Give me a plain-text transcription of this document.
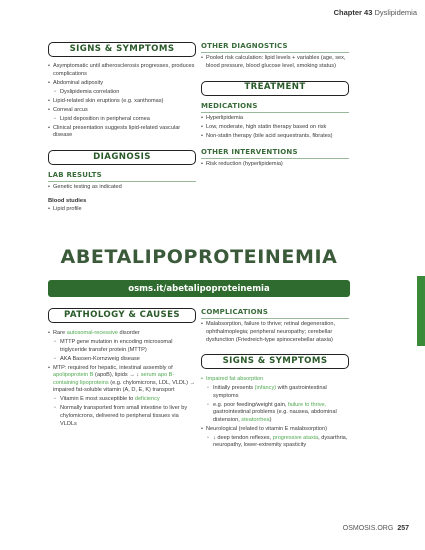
Chapter 43 Dyslipidemia
SIGNS & SYMPTOMS
• Asymptomatic until atherosclerosis progresses, produces complications
• Abdominal adiposity
◦ Dyslipidemia correlation
• Lipid-related skin eruptions (e.g. xanthomas)
• Corneal arcus
◦ Lipid deposition in peripheral cornea
• Clinical presentation suggests lipid-related vascular disease
DIAGNOSIS
LAB RESULTS
• Genetic testing as indicated
Blood studies
• Lipid profile
OTHER DIAGNOSTICS
• Pooled risk calculation: lipid levels + variables (age, sex, blood pressure, blood glucose level, smoking status)
TREATMENT
MEDICATIONS
• Hyperlipidemia
• Low, moderate, high statin therapy based on risk
• Non-statin therapy (bile acid sequestrants, fibrates)
OTHER INTERVENTIONS
• Risk reduction (hyperlipidemia)
ABETALIPOPROTEINEMIA
osms.it/abetalipoproteinemia
PATHOLOGY & CAUSES
• Rare autosomal-recessive disorder
◦ MTTP gene mutation in encoding microsomal triglyceride transfer protein (MTTP)
◦ AKA Bassen-Kornzweig disease
• MTP: required for hepatic, intestinal assembly of apolipoprotein B (apoB), lipids → ↓ serum apo B-containing lipoproteins (e.g. chylomicrons, LDL, VLDL) → impaired fat-soluble vitamin (A, D, E, K) transport
◦ Vitamin E most susceptible to deficiency
◦ Normally transported from small intestine to liver by chylomicrons, delivered to peripheral tissues via VLDLs
COMPLICATIONS
• Malabsorption, failure to thrive; retinal degeneration, ophthalmoplegia; peripheral neuropathy; cerebellar dysfunction (Friedreich-type spinocerebellar ataxia)
SIGNS & SYMPTOMS
• Impaired fat absorption
◦ Initially presents (infancy) with gastrointestinal symptoms
◦ e.g. poor feeding/weight gain, failure to thrive, gastrointestinal problems (e.g. nausea, abdominal distension, steatorrhea)
• Neurological (related to vitamin E malabsorption)
◦ ↓ deep tendon reflexes, progressive ataxia, dysarthria, neuropathy, lower-extremity spasticity
OSMOSIS.ORG 257
